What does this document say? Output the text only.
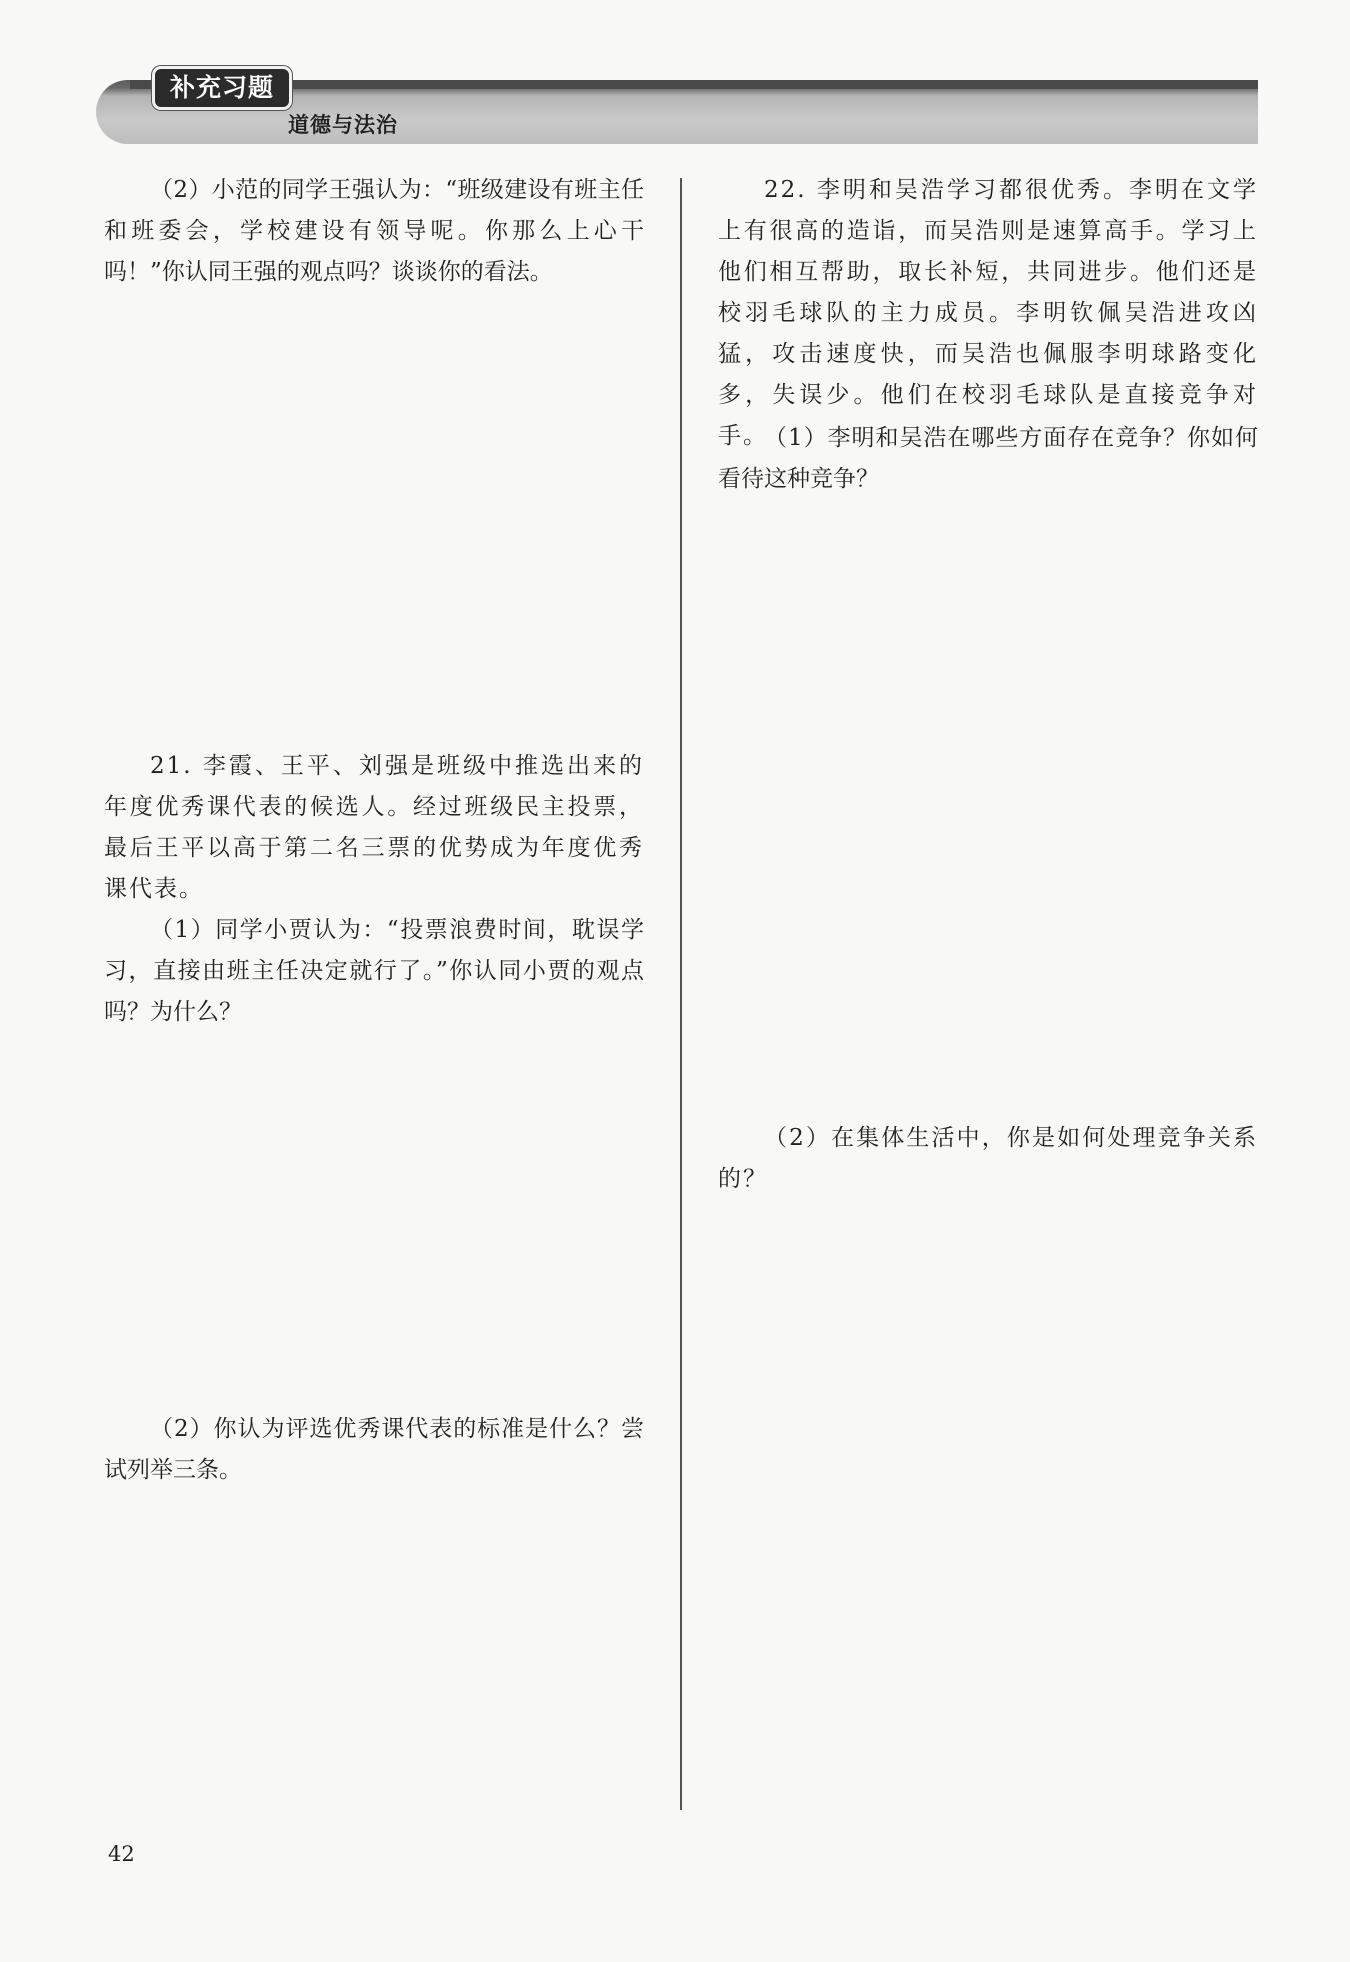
补充习题
道德与法治

（2）小范的同学王强认为：“班级建设有班主任和班委会，学校建设有领导呢。你那么上心干吗！”你认同王强的观点吗？谈谈你的看法。

21. 李霞、王平、刘强是班级中推选出来的年度优秀课代表的候选人。经过班级民主投票，最后王平以高于第二名三票的优势成为年度优秀课代表。

（1）同学小贾认为：“投票浪费时间，耽误学习，直接由班主任决定就行了。”你认同小贾的观点吗？为什么？

（2）你认为评选优秀课代表的标准是什么？尝试列举三条。

22. 李明和吴浩学习都很优秀。李明在文学上有很高的造诣，而吴浩则是速算高手。学习上他们相互帮助，取长补短，共同进步。他们还是校羽毛球队的主力成员。李明钦佩吴浩进攻凶猛，攻击速度快，而吴浩也佩服李明球路变化多，失误少。他们在校羽毛球队是直接竞争对手。

（1）李明和吴浩在哪些方面存在竞争？你如何看待这种竞争？

（2）在集体生活中，你是如何处理竞争关系的？

42
